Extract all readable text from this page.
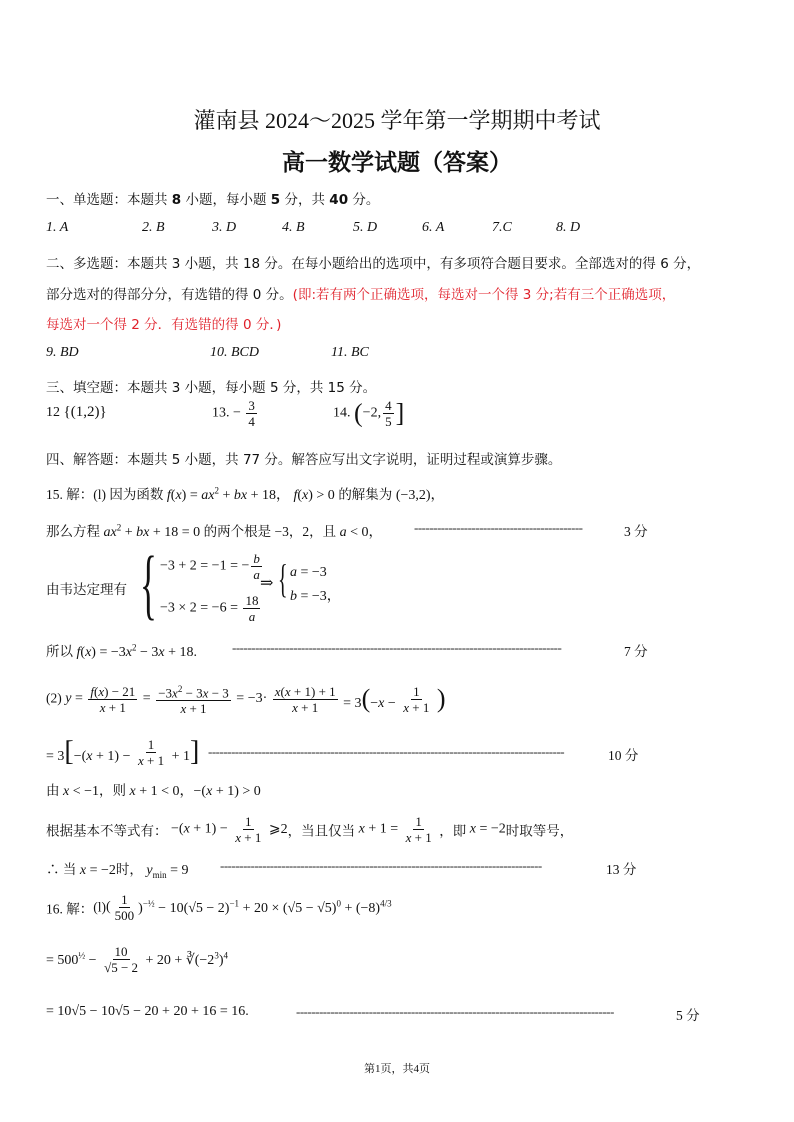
灌南县 2024～2025 学年第一学期期中考试
高一数学试题（答案）
一、单选题：本题共 8 小题，每小题 5 分，共 40 分。
1. A	2. B	3. D	4. B	5. D	6. A	7.C	8. D
二、多选题：本题共 3 小题，共 18 分。在每小题给出的选项中，有多项符合题目要求。全部选对的得 6 分，
部分选对的得部分分，有选错的得 0 分。(即:若有两个正确选项，每选对一个得 3 分;若有三个正确选项，
每选对一个得 2 分．有选错的得 0 分．)
9. BD	10. BCD	11. BC
三、填空题：本题共 3 小题，每小题 5 分，共 15 分。
12 {(1,2)}	13. − $\frac{3}{4}$	14. (−2, $\frac{4}{5}$ ]
四、解答题：本题共 5 小题，共 77 分。解答应写出文字说明，证明过程或演算步骤。
15. 解：(l) 因为函数 $f(x) = ax^2$ + bx + 18， f(x) > 0 的解集为 (−3,2)，
那么方程 $ax^2$ + bx + 18 = 0 的两个根是 −3，2，且 a < 0， --------------------------------------------	3 分
由韦达定理有 { −3 + 2 = −1 = − $\frac{b}{a}$
$-3 \times 2 = -6 = \frac{18}{a}$
⇒ { a = −3
b = −3，
所以 $f(x) = -3x^2 - 3x + 18$.	--------------------------------------------------------------------------------------	7 分
(2) $y = \frac{f(x) - 21}{x + 1} = \frac{-3x^2 - 3x - 3}{x + 1} = -3\cdot \frac{x(x + 1) + 1}{x + 1} = 3(-x - \frac{1}{x + 1}$ )
= $3[-(x + 1) - \frac{1}{x + 1} + 1]$ ---------------------------------------------------------------------------------------------	10 分
由 x < −1，则 x + 1 < 0，−(x + 1) > 0
根据基本不等式有： $-(x + 1) - \frac{1}{x + 1}$ ⩾2，当且仅当 $x + 1 = \frac{1}{x + 1}$ ，即 x = −2时取等号，
∴ 当 x = −2时， $y_{min} = 9$ ------------------------------------------------------------------------------------	13 分
16. 解：$(l)( \frac{1}{500} )^{-\frac{1}{2}} - 10(√5 - 2)^{-1} + 20 \times (√5 - √5)^0 + (-8)^{4/3}$
= $500^{\frac{1}{2}} - \frac{10}{√5 - 2} + 20$ + $∛(-2^3)^4$
= 10√5 − 10√5 − 20 + 20 + 16 = 16.	-----------------------------------------------------------------------------------	5 分
第1页，共4页
